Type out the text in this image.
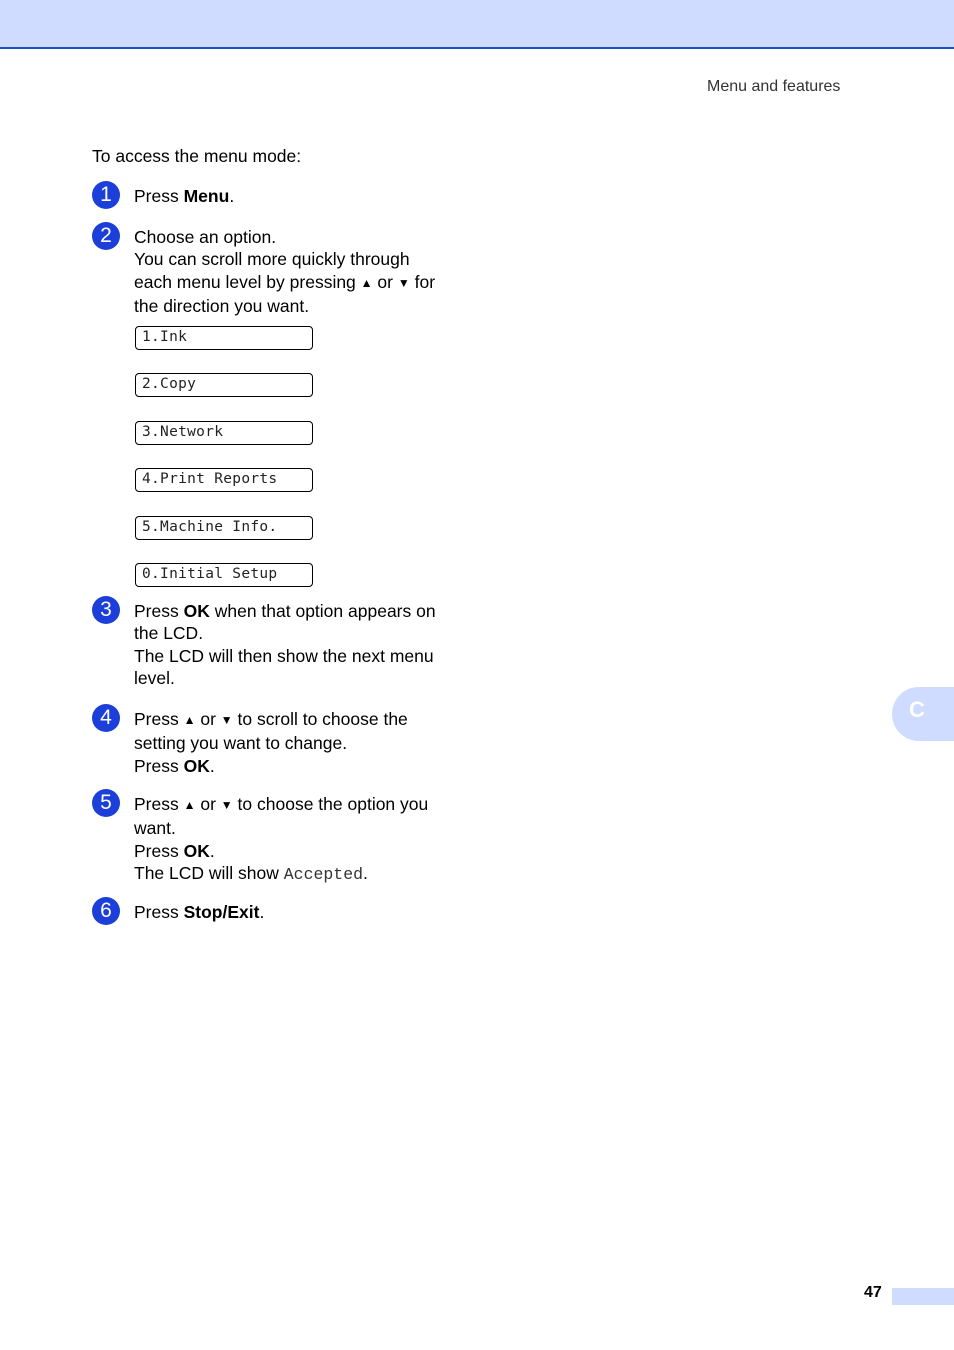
Menu and features
To access the menu mode:
1	Press Menu.
2	Choose an option.
You can scroll more quickly through
each menu level by pressing ▲ or ▼ for
the direction you want.
1.Ink
2.Copy
3.Network
4.Print Reports
5.Machine Info.
0.Initial Setup
3	Press OK when that option appears on
the LCD.
The LCD will then show the next menu
level.
4	Press ▲ or ▼ to scroll to choose the
setting you want to change.
Press OK.
5	Press ▲ or ▼ to choose the option you
want.
Press OK.
The LCD will show Accepted.
6	Press Stop/Exit.
C
47
